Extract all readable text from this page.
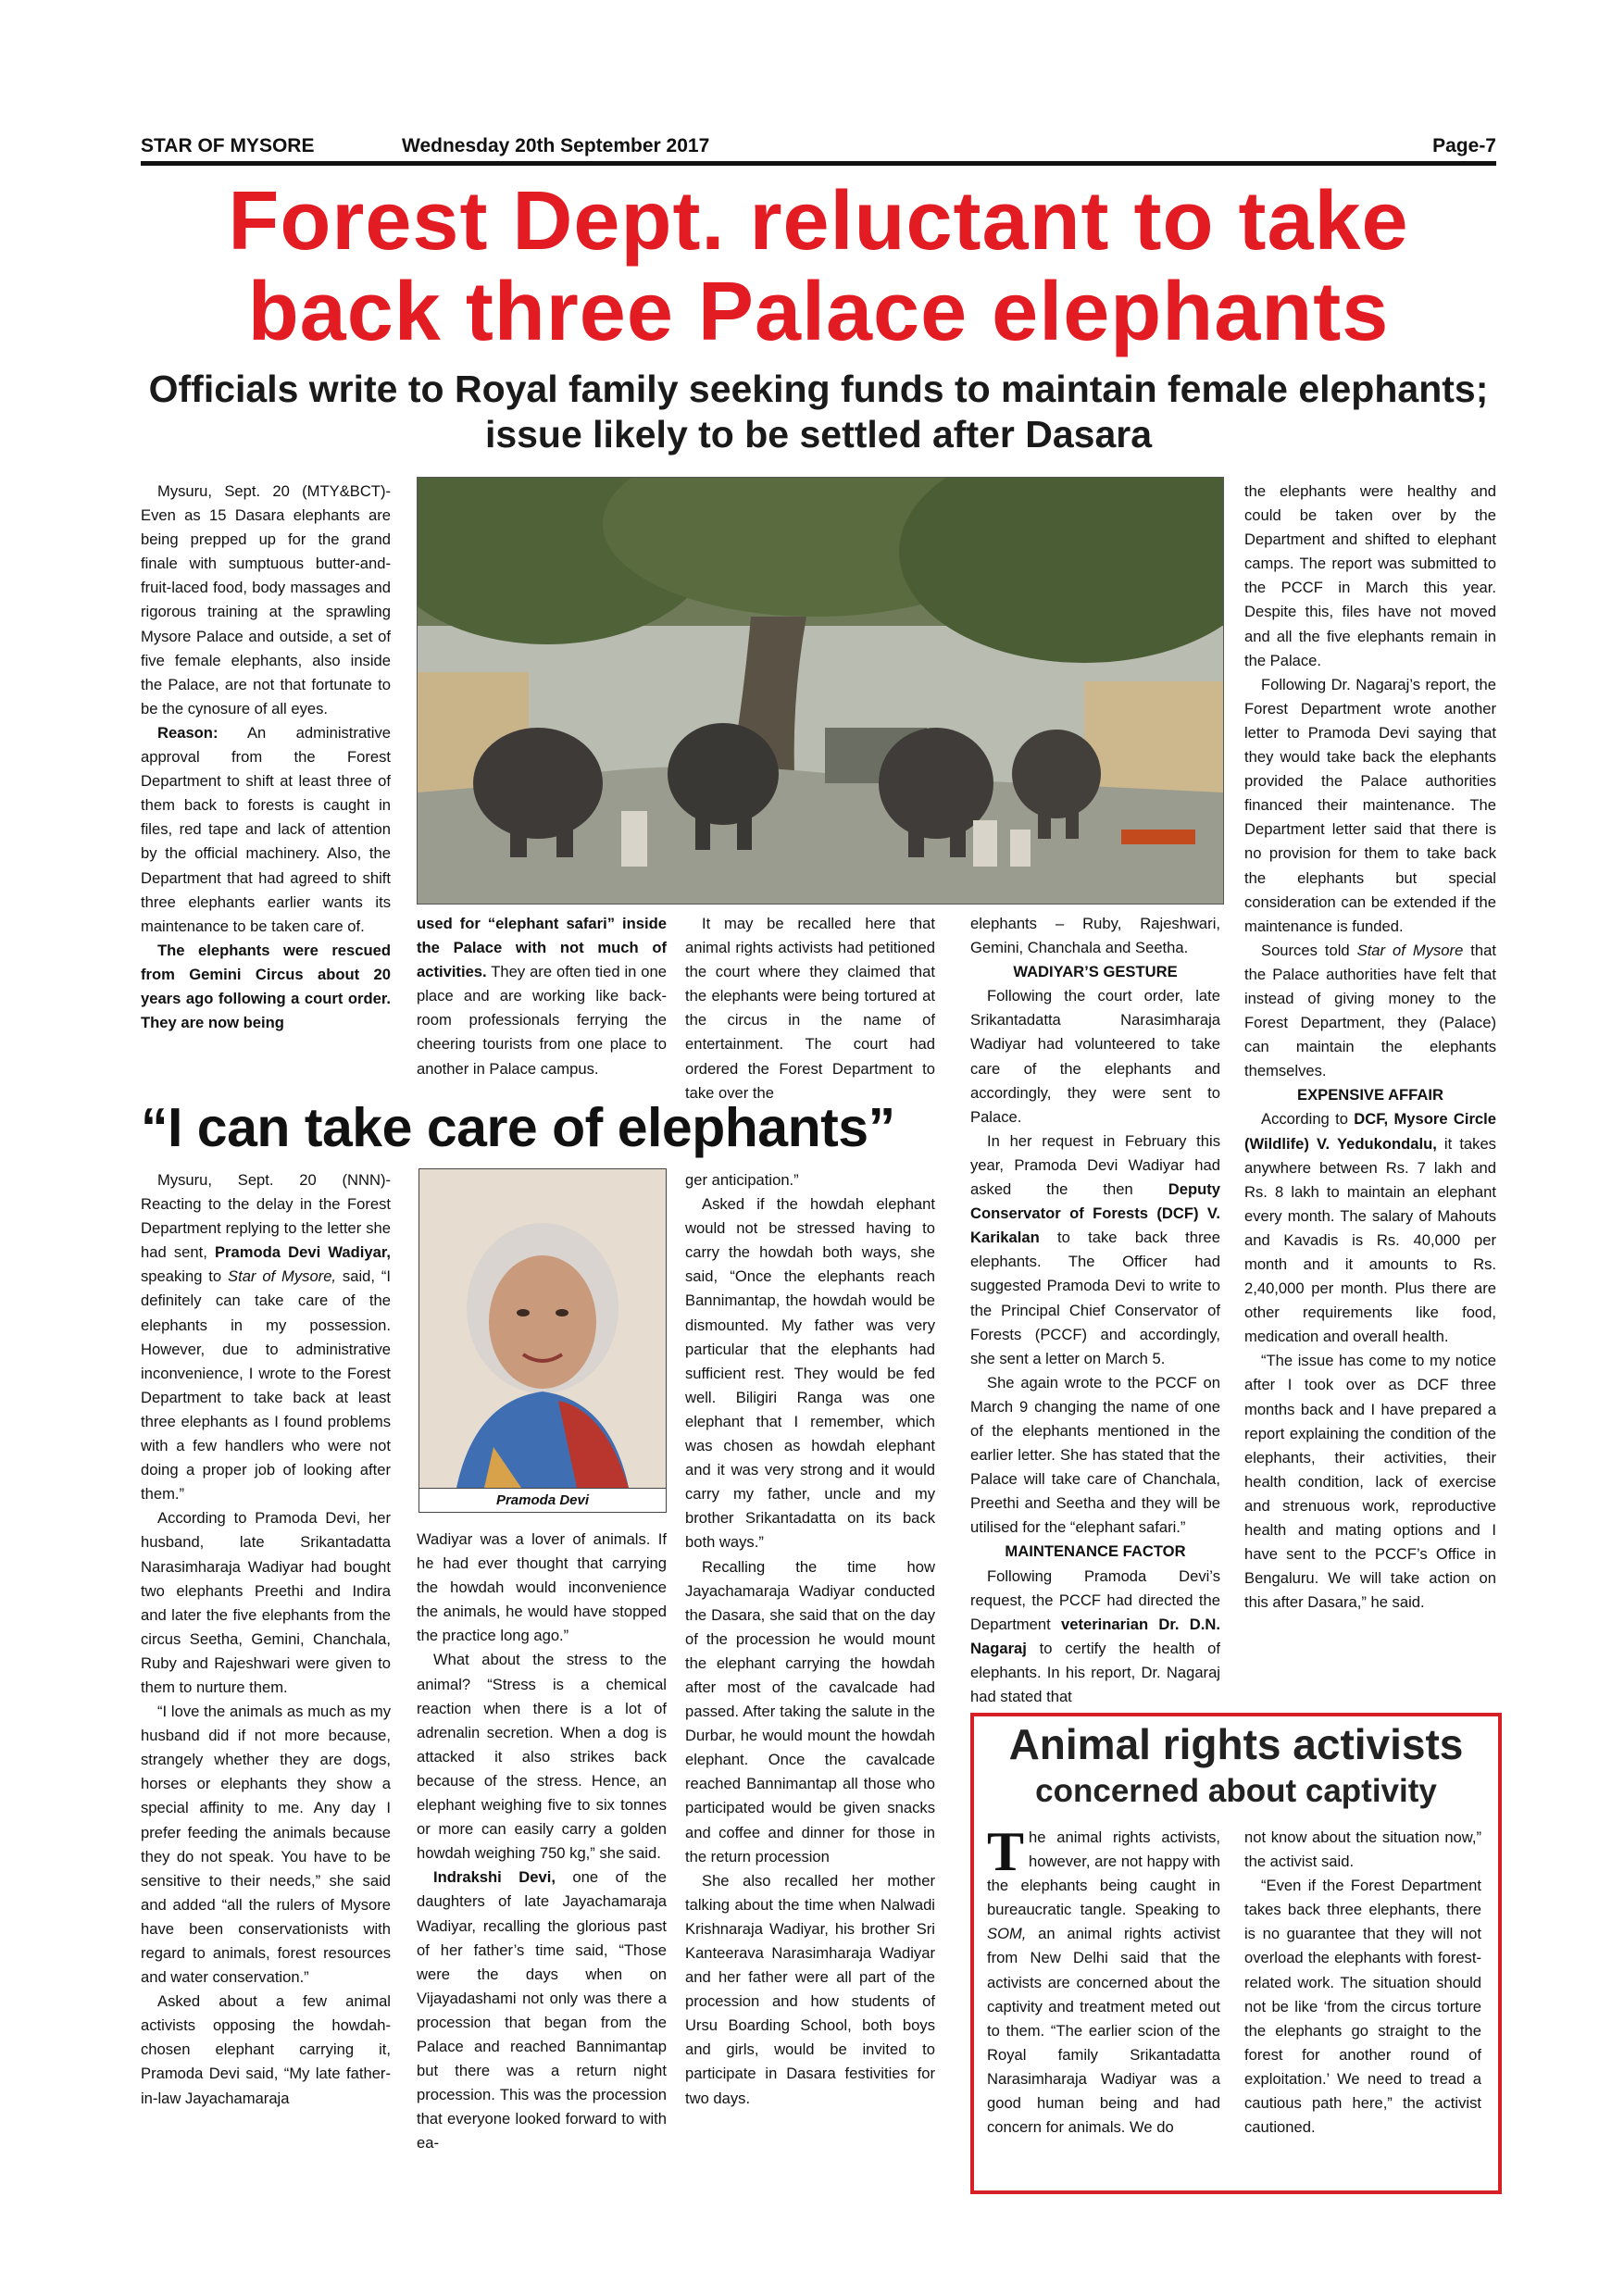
STAR OF MYSORE	Wednesday 20th September 2017	Page-7
Forest Dept. reluctant to take back three Palace elephants
Officials write to Royal family seeking funds to maintain female elephants; issue likely to be settled after Dasara

Mysuru, Sept. 20 (MTY&BCT)- Even as 15 Dasara elephants are being prepped up for the grand finale with sumptuous butter-and-fruit-laced food, body massages and rigorous training at the sprawling Mysore Palace and outside, a set of five female elephants, also inside the Palace, are not that fortunate to be the cynosure of all eyes.

Reason: An administrative approval from the Forest Department to shift at least three of them back to forests is caught in files, red tape and lack of attention by the official machinery. Also, the Department that had agreed to shift three elephants earlier wants its maintenance to be taken care of.

The elephants were rescued from Gemini Circus about 20 years ago following a court order. They are now being

used for “elephant safari” inside the Palace with not much of activities. They are often tied in one place and are working like back-room professionals ferrying the cheering tourists from one place to another in Palace campus.

It may be recalled here that animal rights activists had petitioned the court where they claimed that the elephants were being tortured at the circus in the name of entertainment. The court had ordered the Forest Department to take over the

elephants – Ruby, Rajeshwari, Gemini, Chanchala and Seetha.

WADIYAR’S GESTURE

Following the court order, late Srikantadatta Narasimharaja Wadiyar had volunteered to take care of the elephants and accordingly, they were sent to Palace.

In her request in February this year, Pramoda Devi Wadiyar had asked the then Deputy Conservator of Forests (DCF) V. Karikalan to take back three elephants. The Officer had suggested Pramoda Devi to write to the Principal Chief Conservator of Forests (PCCF) and accordingly, she sent a letter on March 5.

She again wrote to the PCCF on March 9 changing the name of one of the elephants mentioned in the earlier letter. She has stated that the Palace will take care of Chanchala, Preethi and Seetha and they will be utilised for the “elephant safari.”

MAINTENANCE FACTOR

Following Pramoda Devi’s request, the PCCF had directed the Department veterinarian Dr. D.N. Nagaraj to certify the health of elephants. In his report, Dr. Nagaraj had stated that

the elephants were healthy and could be taken over by the Department and shifted to elephant camps. The report was submitted to the PCCF in March this year. Despite this, files have not moved and all the five elephants remain in the Palace.

Following Dr. Nagaraj’s report, the Forest Department wrote another letter to Pramoda Devi saying that they would take back the elephants provided the Palace authorities financed their maintenance. The Department letter said that there is no provision for them to take back the elephants but special consideration can be extended if the maintenance is funded.

Sources told Star of Mysore that the Palace authorities have felt that instead of giving money to the Forest Department, they (Palace) can maintain the elephants themselves.

EXPENSIVE AFFAIR

According to DCF, Mysore Circle (Wildlife) V. Yedukondalu, it takes anywhere between Rs. 7 lakh and Rs. 8 lakh to maintain an elephant every month. The salary of Mahouts and Kavadis is Rs. 40,000 per month and it amounts to Rs. 2,40,000 per month. Plus there are other requirements like food, medication and overall health.

“The issue has come to my notice after I took over as DCF three months back and I have prepared a report explaining the condition of the elephants, their activities, their health condition, lack of exercise and strenuous work, reproductive health and mating options and I have sent to the PCCF’s Office in Bengaluru. We will take action on this after Dasara,” he said.

“I can take care of elephants”

Mysuru, Sept. 20 (NNN)- Reacting to the delay in the Forest Department replying to the letter she had sent, Pramoda Devi Wadiyar, speaking to Star of Mysore, said, “I definitely can take care of the elephants in my possession. However, due to administrative inconvenience, I wrote to the Forest Department to take back at least three elephants as I found problems with a few handlers who were not doing a proper job of looking after them.”

According to Pramoda Devi, her husband, late Srikantadatta Narasimharaja Wadiyar had bought two elephants Preethi and Indira and later the five elephants from the circus Seetha, Gemini, Chanchala, Ruby and Rajeshwari were given to them to nurture them.

“I love the animals as much as my husband did if not more because, strangely whether they are dogs, horses or elephants they show a special affinity to me. Any day I prefer feeding the animals because they do not speak. You have to be sensitive to their needs,” she said and added “all the rulers of Mysore have been conservationists with regard to animals, forest resources and water conservation.”

Asked about a few animal activists opposing the howdah-chosen elephant carrying it, Pramoda Devi said, “My late father-in-law Jayachamaraja

Pramoda Devi

Wadiyar was a lover of animals. If he had ever thought that carrying the howdah would inconvenience the animals, he would have stopped the practice long ago.”

What about the stress to the animal? “Stress is a chemical reaction when there is a lot of adrenalin secretion. When a dog is attacked it also strikes back because of the stress. Hence, an elephant weighing five to six tonnes or more can easily carry a golden howdah weighing 750 kg,” she said.

Indrakshi Devi, one of the daughters of late Jayachamaraja Wadiyar, recalling the glorious past of her father’s time said, “Those were the days when on Vijayadashami not only was there a procession that began from the Palace and reached Bannimantap but there was a return night procession. This was the procession that everyone looked forward to with ea-

ger anticipation.”

Asked if the howdah elephant would not be stressed having to carry the howdah both ways, she said, “Once the elephants reach Bannimantap, the howdah would be dismounted. My father was very particular that the elephants had sufficient rest. They would be fed well. Biligiri Ranga was one elephant that I remember, which was chosen as howdah elephant and it was very strong and it would carry my father, uncle and my brother Srikantadatta on its back both ways.”

Recalling the time how Jayachamaraja Wadiyar conducted the Dasara, she said that on the day of the procession he would mount the elephant carrying the howdah after most of the cavalcade had passed. After taking the salute in the Durbar, he would mount the howdah elephant. Once the cavalcade reached Bannimantap all those who participated would be given snacks and coffee and dinner for those in the return procession

She also recalled her mother talking about the time when Nalwadi Krishnaraja Wadiyar, his brother Sri Kanteerava Narasimharaja Wadiyar and her father were all part of the procession and how students of Ursu Boarding School, both boys and girls, would be invited to participate in Dasara festivities for two days.

Animal rights activists
concerned about captivity

The animal rights activists, however, are not happy with the elephants being caught in bureaucratic tangle. Speaking to SOM, an animal rights activist from New Delhi said that the activists are concerned about the captivity and treatment meted out to them. “The earlier scion of the Royal family Srikantadatta Narasimharaja Wadiyar was a good human being and had concern for animals. We do

not know about the situation now,” the activist said.

“Even if the Forest Department takes back three elephants, there is no guarantee that they will not overload the elephants with forest-related work. The situation should not be like ‘from the circus torture the elephants go straight to the forest for another round of exploitation.’ We need to tread a cautious path here,” the activist cautioned.
